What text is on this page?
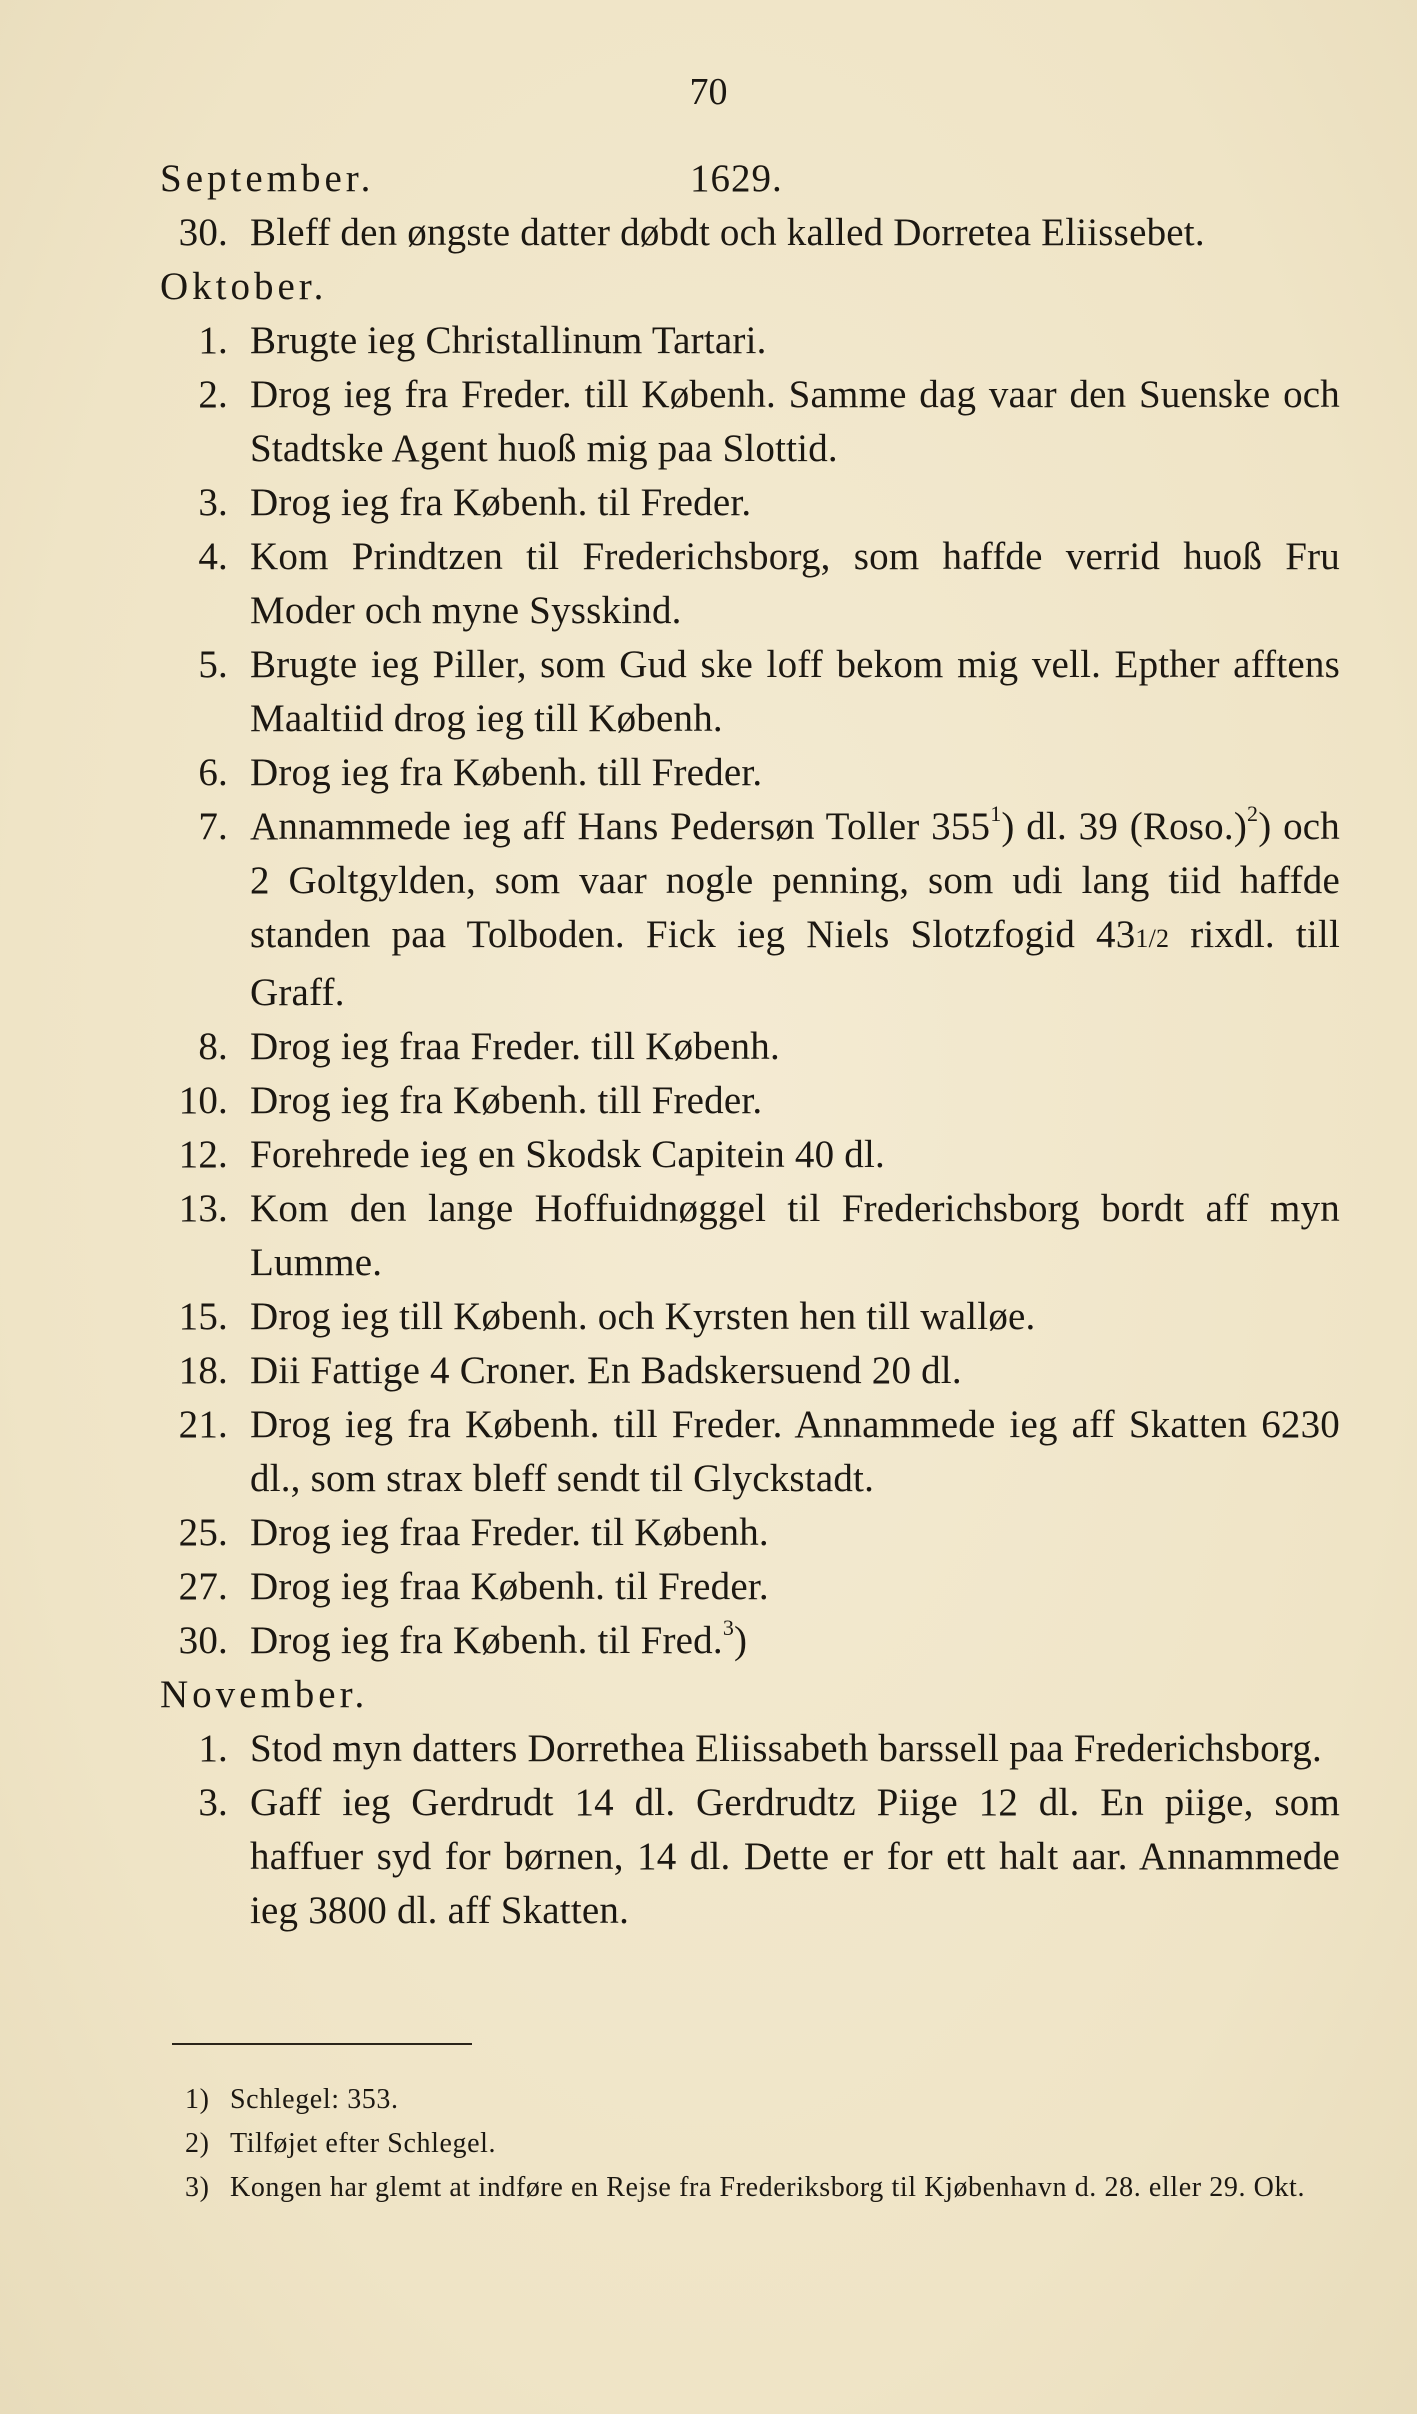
70
September.	1629.
30. Bleff den øngste datter døbdt och kalled Dorretea Eliissebet.
Oktober.
1. Brugte ieg Christallinum Tartari.
2. Drog ieg fra Freder. till Københ. Samme dag vaar den Suenske och Stadtske Agent huoß mig paa Slottid.
3. Drog ieg fra Københ. til Freder.
4. Kom Prindtzen til Frederichsborg, som haffde verrid huoß Fru Moder och myne Sysskind.
5. Brugte ieg Piller, som Gud ske loff bekom mig vell. Epther afftens Maaltiid drog ieg till Københ.
6. Drog ieg fra Københ. till Freder.
7. Annammede ieg aff Hans Pedersøn Toller $355^1$) dl. 39 (Roso.)$^2$) och 2 Goltgylden, som vaar nogle penning, som udi lang tiid haffde standen paa Tolboden. Fick ieg Niels Slotzfogid 431/2 rixdl. till Graff.
8. Drog ieg fraa Freder. till Københ.
10. Drog ieg fra Københ. till Freder.
12. Forehrede ieg en Skodsk Capitein 40 dl.
13. Kom den lange Hoffuidnøggel til Frederichsborg bordt aff myn Lumme.
15. Drog ieg till Københ. och Kyrsten hen till walløe.
18. Dii Fattige 4 Croner. En Badskersuend 20 dl.
21. Drog ieg fra Københ. till Freder. Annammede ieg aff Skatten 6230 dl., som strax bleff sendt til Glyckstadt.
25. Drog ieg fraa Freder. til Københ.
27. Drog ieg fraa Københ. til Freder.
30. Drog ieg fra Københ. til Fred.$^3$)
November.
1. Stod myn datters Dorrethea Eliissabeth barssell paa Frederichsborg.
3. Gaff ieg Gerdrudt 14 dl. Gerdrudtz Piige 12 dl. En piige, som haffuer syd for børnen, 14 dl. Dette er for ett halt aar. Annammede ieg 3800 dl. aff Skatten.
1) Schlegel: 353.
2) Tilføjet efter Schlegel.
3) Kongen har glemt at indføre en Rejse fra Frederiksborg til Kjøbenhavn d. 28. eller 29. Okt.
